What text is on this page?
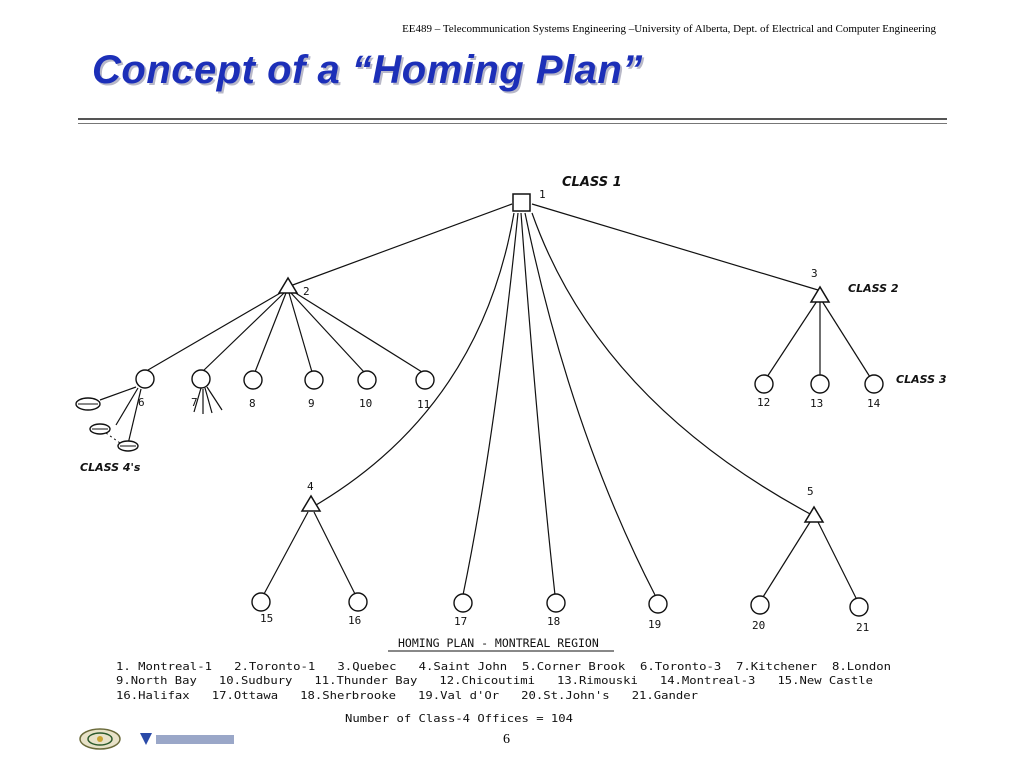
EE489 – Telecommunication Systems Engineering –University of Alberta, Dept. of Electrical and Computer Engineering
Concept of a “Homing Plan”
CLASS 1
CLASS 2
CLASS 3
CLASS 4's
1
2
3
4	5
6	7	8	9	10	11	12	13	14
15	16	17	18	19	20	21
HOMING PLAN - MONTREAL REGION
1. Montreal-1   2.Toronto-1   3.Quebec   4.Saint John  5.Corner Brook  6.Toronto-3  7.Kitchener  8.London
9.North Bay   10.Sudbury   11.Thunder Bay   12.Chicoutimi   13.Rimouski   14.Montreal-3   15.New Castle
16.Halifax   17.Ottawa   18.Sherbrooke   19.Val d'Or   20.St.John's   21.Gander
Number of Class-4 Offices = 104
6
